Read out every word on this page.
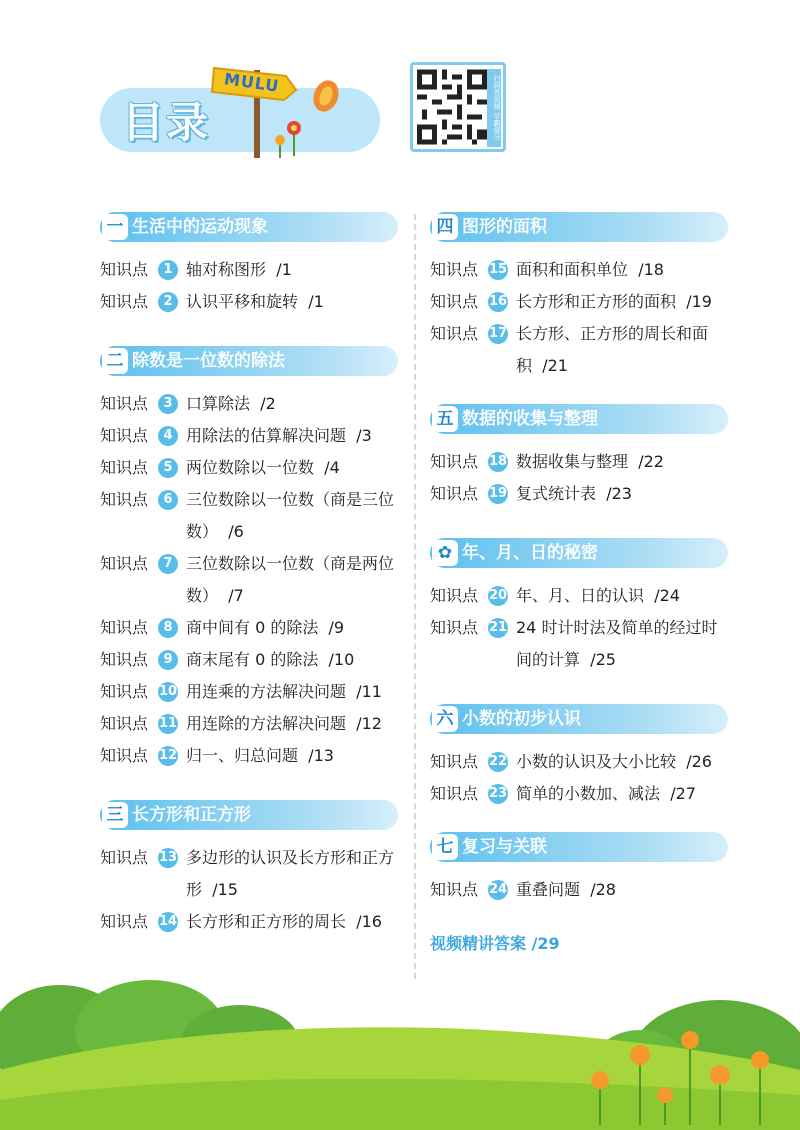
目录
MULU	扫码看视频 学霸提分
一 生活中的运动现象
知识点	1 轴对称图形 /1
知识点	2 认识平移和旋转 /1
二 除数是一位数的除法
知识点	3 口算除法 /2
知识点	4 用除法的估算解决问题 /3
知识点	5 两位数除以一位数 /4
知识点	6 三位数除以一位数（商是三位数） /6
知识点	7 三位数除以一位数（商是两位数） /7
知识点	8 商中间有 0 的除法 /9
知识点	9 商末尾有 0 的除法 /10
知识点 10 用连乘的方法解决问题 /11
知识点 11 用连除的方法解决问题 /12
知识点 12 归一、归总问题 /13
三 长方形和正方形
知识点 13 多边形的认识及长方形和正方形 /15
知识点 14 长方形和正方形的周长 /16
四 图形的面积
知识点 15 面积和面积单位 /18
知识点 16 长方形和正方形的面积 /19
知识点 17 长方形、正方形的周长和面积 /21
五 数据的收集与整理
知识点 18 数据收集与整理 /22
知识点 19 复式统计表 /23
✿ 年、月、日的秘密
知识点 20 年、月、日的认识 /24
知识点 21 24 时计时法及简单的经过时间的计算 /25
六 小数的初步认识
知识点 22 小数的认识及大小比较 /26
知识点 23 简单的小数加、减法 /27
七 复习与关联
知识点 24 重叠问题 /28
视频精讲答案 /29
